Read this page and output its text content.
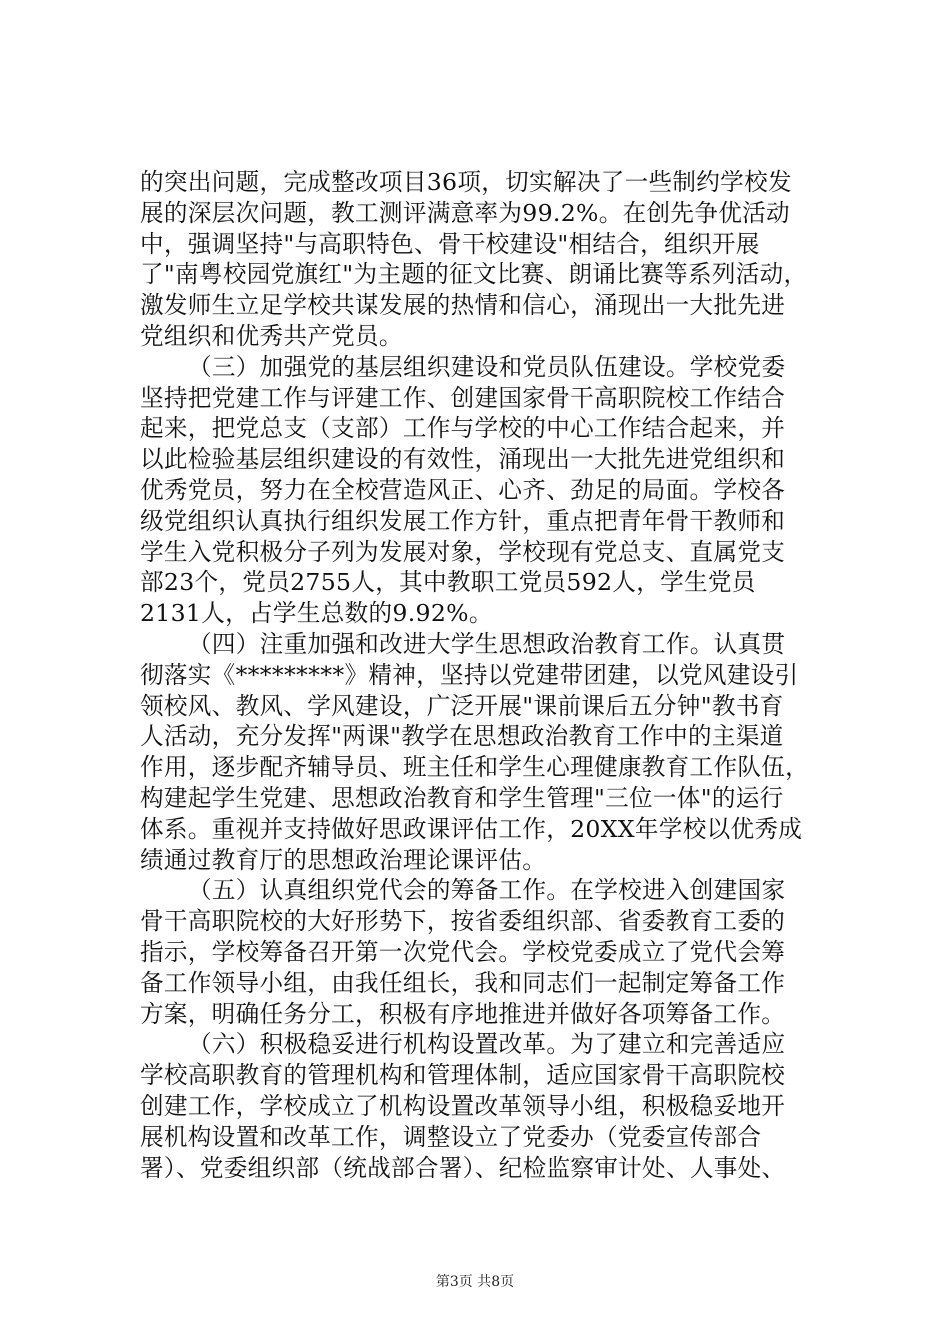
的突出问题，完成整改项目36项，切实解决了一些制约学校发
展的深层次问题，教工测评满意率为99.2%。在创先争优活动
中，强调坚持"与高职特色、骨干校建设"相结合，组织开展
了"南粤校园党旗红"为主题的征文比赛、朗诵比赛等系列活动，
激发师生立足学校共谋发展的热情和信心，涌现出一大批先进
党组织和优秀共产党员。
（三）加强党的基层组织建设和党员队伍建设。学校党委
坚持把党建工作与评建工作、创建国家骨干高职院校工作结合
起来，把党总支（支部）工作与学校的中心工作结合起来，并
以此检验基层组织建设的有效性，涌现出一大批先进党组织和
优秀党员，努力在全校营造风正、心齐、劲足的局面。学校各
级党组织认真执行组织发展工作方针，重点把青年骨干教师和
学生入党积极分子列为发展对象，学校现有党总支、直属党支
部23个，党员2755人，其中教职工党员592人，学生党员
2131人，占学生总数的9.92%。
（四）注重加强和改进大学生思想政治教育工作。认真贯
彻落实《*********》精神，坚持以党建带团建，以党风建设引
领校风、教风、学风建设，广泛开展"课前课后五分钟"教书育
人活动，充分发挥"两课"教学在思想政治教育工作中的主渠道
作用，逐步配齐辅导员、班主任和学生心理健康教育工作队伍，
构建起学生党建、思想政治教育和学生管理"三位一体"的运行
体系。重视并支持做好思政课评估工作，20XX年学校以优秀成
绩通过教育厅的思想政治理论课评估。
（五）认真组织党代会的筹备工作。在学校进入创建国家
骨干高职院校的大好形势下，按省委组织部、省委教育工委的
指示，学校筹备召开第一次党代会。学校党委成立了党代会筹
备工作领导小组，由我任组长，我和同志们一起制定筹备工作
方案，明确任务分工，积极有序地推进并做好各项筹备工作。
（六）积极稳妥进行机构设置改革。为了建立和完善适应
学校高职教育的管理机构和管理体制，适应国家骨干高职院校
创建工作，学校成立了机构设置改革领导小组，积极稳妥地开
展机构设置和改革工作，调整设立了党委办（党委宣传部合
署）、党委组织部（统战部合署）、纪检监察审计处、人事处、
第3页 共8页
